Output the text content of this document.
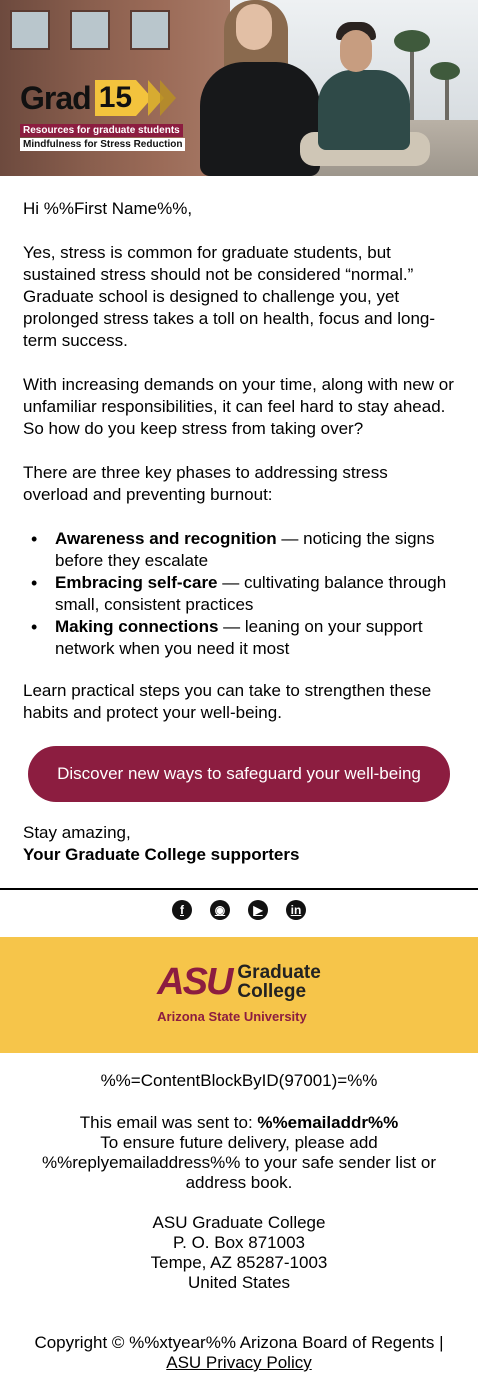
Grad 15
Resources for graduate students
Mindfulness for Stress Reduction

Hi %%First Name%%,

Yes, stress is common for graduate students, but sustained stress should not be considered “normal.” Graduate school is designed to challenge you, yet prolonged stress takes a toll on health, focus and long-term success.

With increasing demands on your time, along with new or unfamiliar responsibilities, it can feel hard to stay ahead. So how do you keep stress from taking over?

There are three key phases to addressing stress overload and preventing burnout:

• Awareness and recognition — noticing the signs before they escalate
• Embracing self-care — cultivating balance through small, consistent practices
• Making connections — leaning on your support network when you need it most

Learn practical steps you can take to strengthen these habits and protect your well-being.

Discover new ways to safeguard your well-being
Stay amazing,
Your Graduate College supporters
f	◉	▶	in
ASU Graduate
College
Arizona State University
%%=ContentBlockByID(97001)=%%
This email was sent to: %%emailaddr%%
To ensure future delivery, please add %%replyemailaddress%% to your safe sender list or address book.
ASU Graduate College
P. O. Box 871003
Tempe, AZ 85287-1003
United States
Copyright © %%xtyear%% Arizona Board of Regents |
ASU Privacy Policy
